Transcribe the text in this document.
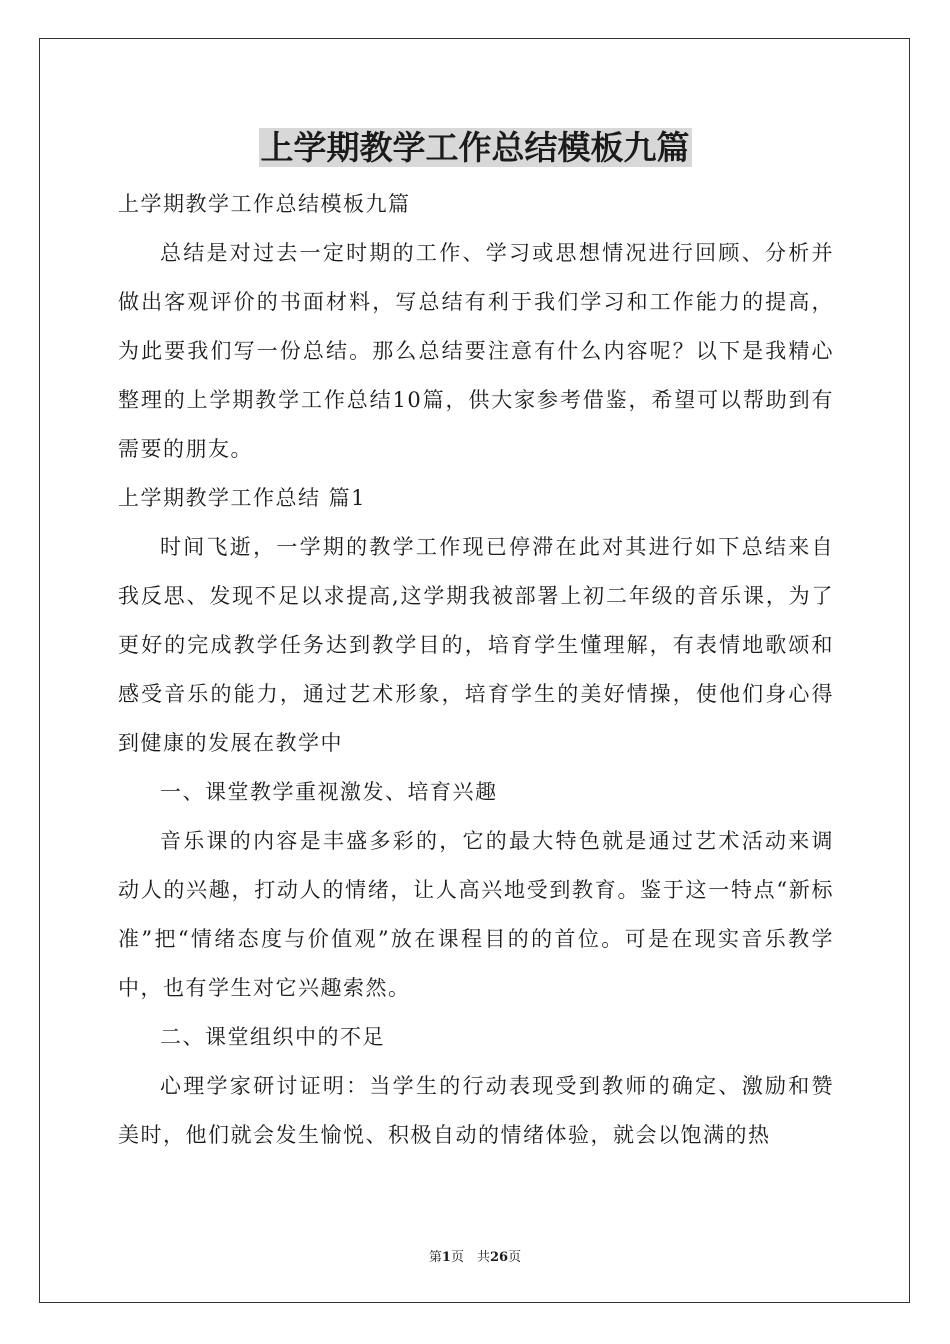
上学期教学工作总结模板九篇

上学期教学工作总结模板九篇

总结是对过去一定时期的工作、学习或思想情况进行回顾、分析并做出客观评价的书面材料，写总结有利于我们学习和工作能力的提高，为此要我们写一份总结。那么总结要注意有什么内容呢？以下是我精心整理的上学期教学工作总结10篇，供大家参考借鉴，希望可以帮助到有需要的朋友。

上学期教学工作总结 篇1

时间飞逝，一学期的教学工作现已停滞在此对其进行如下总结来自我反思、发现不足以求提高,这学期我被部署上初二年级的音乐课，为了更好的完成教学任务达到教学目的，培育学生懂理解，有表情地歌颂和感受音乐的能力，通过艺术形象，培育学生的美好情操，使他们身心得到健康的发展在教学中

一、课堂教学重视激发、培育兴趣

音乐课的内容是丰盛多彩的，它的最大特色就是通过艺术活动来调动人的兴趣，打动人的情绪，让人高兴地受到教育。鉴于这一特点“新标准”把“情绪态度与价值观”放在课程目的的首位。可是在现实音乐教学中，也有学生对它兴趣索然。

二、课堂组织中的不足

心理学家研讨证明：当学生的行动表现受到教师的确定、激励和赞美时，他们就会发生愉悦、积极自动的情绪体验，就会以饱满的热

第1页　共26页
